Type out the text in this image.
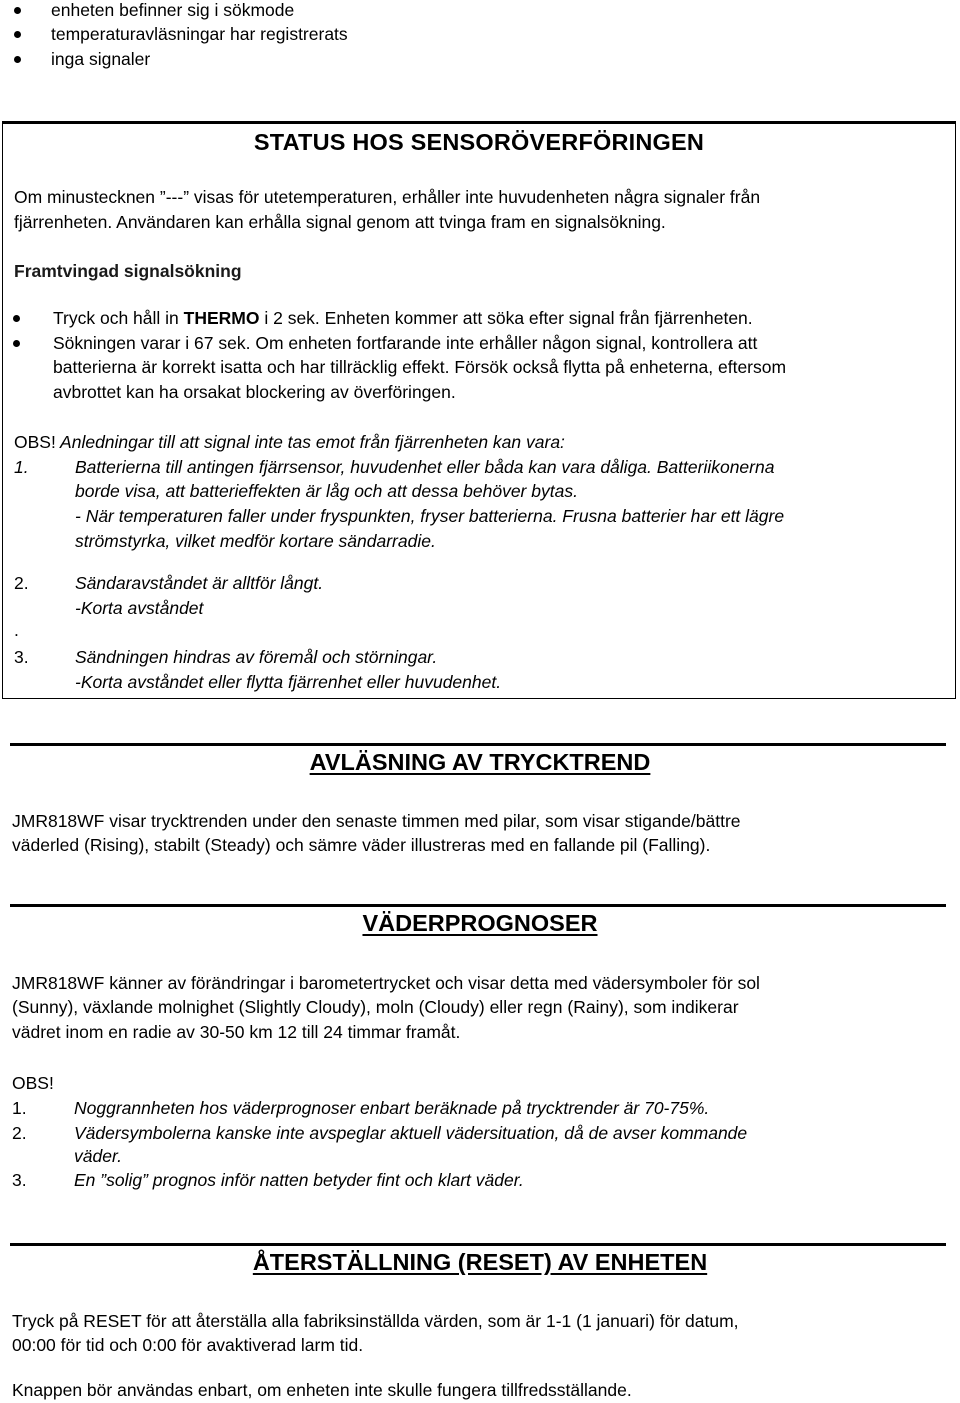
enheten befinner sig i sökmode
temperaturavläsningar har registrerats
inga signaler
STATUS HOS SENSORÖVERFÖRINGEN
Om minustecknen ”---” visas för utetemperaturen, erhåller inte huvudenheten några signaler från
fjärrenheten. Användaren kan erhålla signal genom att tvinga fram en signalsökning.
Framtvingad signalsökning
Tryck och håll in THERMO i 2 sek. Enheten kommer att söka efter signal från fjärrenheten.
Sökningen varar i 67 sek. Om enheten fortfarande inte erhåller någon signal, kontrollera att
batterierna är korrekt isatta och har tillräcklig effekt. Försök också flytta på enheterna, eftersom
avbrottet kan ha orsakat blockering av överföringen.
OBS! Anledningar till att signal inte tas emot från fjärrenheten kan vara:
1.	Batterierna till antingen fjärrsensor, huvudenhet eller båda kan vara dåliga. Batteriikonerna
borde visa, att batterieffekten är låg och att dessa behöver bytas.
- När temperaturen faller under fryspunkten, fryser batterierna. Frusna batterier har ett lägre
strömstyrka, vilket medför kortare sändarradie.
2.	Sändaravståndet är alltför långt.
-Korta avståndet
.
3.	Sändningen hindras av föremål och störningar.
-Korta avståndet eller flytta fjärrenhet eller huvudenhet.
AVLÄSNING AV TRYCKTREND
JMR818WF visar trycktrenden under den senaste timmen med pilar, som visar stigande/bättre
väderled (Rising), stabilt (Steady) och sämre väder illustreras med en fallande pil (Falling).
VÄDERPROGNOSER
JMR818WF känner av förändringar i barometertrycket och visar detta med vädersymboler för sol
(Sunny), växlande molnighet (Slightly Cloudy), moln (Cloudy) eller regn (Rainy), som indikerar
vädret inom en radie av 30-50 km 12 till 24 timmar framåt.
OBS!
1.	Noggrannheten hos väderprognoser enbart beräknade på trycktrender är 70-75%.
2.	Vädersymbolerna kanske inte avspeglar aktuell vädersituation, då de avser kommande
väder.
3.	En ”solig” prognos inför natten betyder fint och klart väder.
ÅTERSTÄLLNING (RESET) AV ENHETEN
Tryck på RESET för att återställa alla fabriksinställda värden, som är 1-1 (1 januari) för datum,
00:00 för tid och 0:00 för avaktiverad larm tid.
Knappen bör användas enbart, om enheten inte skulle fungera tillfredsställande.
